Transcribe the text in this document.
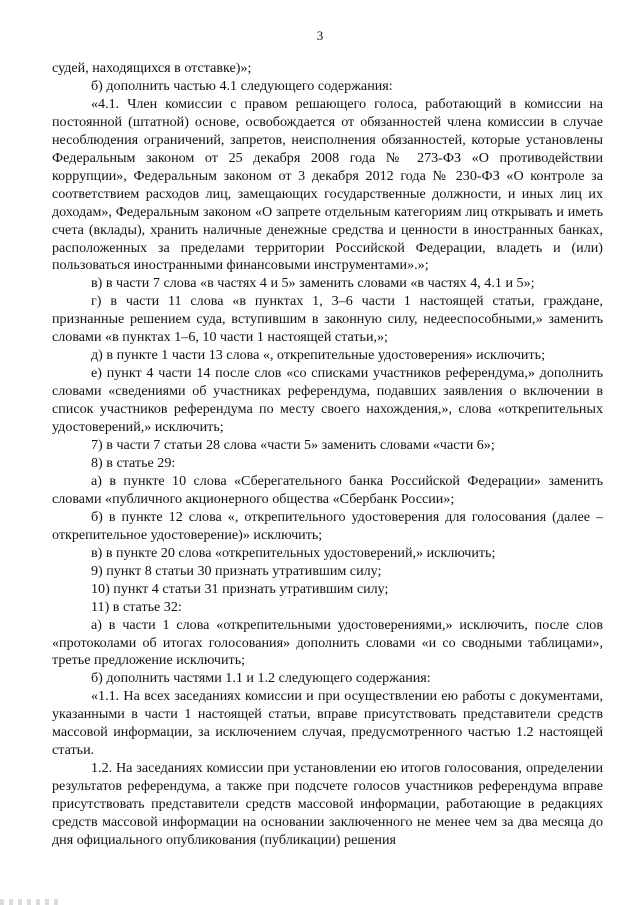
3

судей, находящихся в отставке)»;

б) дополнить частью 4.1 следующего содержания:

«4.1. Член комиссии с правом решающего голоса, работающий в комиссии на постоянной (штатной) основе, освобождается от обязанностей члена комиссии в случае несоблюдения ограничений, запретов, неисполнения обязанностей, которые установлены Федеральным законом от 25 декабря 2008 года № 273-ФЗ «О противодействии коррупции», Федеральным законом от 3 декабря 2012 года № 230-ФЗ «О контроле за соответствием расходов лиц, замещающих государственные должности, и иных лиц их доходам», Федеральным законом «О запрете отдельным категориям лиц открывать и иметь счета (вклады), хранить наличные денежные средства и ценности в иностранных банках, расположенных за пределами территории Российской Федерации, владеть и (или) пользоваться иностранными финансовыми инструментами».»;

в) в части 7 слова «в частях 4 и 5» заменить словами «в частях 4, 4.1 и 5»;

г) в части 11 слова «в пунктах 1, 3–6 части 1 настоящей статьи, граждане, признанные решением суда, вступившим в законную силу, недееспособными,» заменить словами «в пунктах 1–6, 10 части 1 настоящей статьи,»;

д) в пункте 1 части 13 слова «, открепительные удостоверения» исключить;

е) пункт 4 части 14 после слов «со списками участников референдума,» дополнить словами «сведениями об участниках референдума, подавших заявления о включении в список участников референдума по месту своего нахождения,», слова «открепительных удостоверений,» исключить;

7) в части 7 статьи 28 слова «части 5» заменить словами «части 6»;

8) в статье 29:

а) в пункте 10 слова «Сберегательного банка Российской Федерации» заменить словами «публичного акционерного общества «Сбербанк России»;

б) в пункте 12 слова «, открепительного удостоверения для голосования (далее – открепительное удостоверение)» исключить;

в) в пункте 20 слова «открепительных удостоверений,» исключить;

9) пункт 8 статьи 30 признать утратившим силу;

10) пункт 4 статьи 31 признать утратившим силу;

11) в статье 32:

а) в части 1 слова «открепительными удостоверениями,» исключить, после слов «протоколами об итогах голосования» дополнить словами «и со сводными таблицами», третье предложение исключить;

б) дополнить частями 1.1 и 1.2 следующего содержания:

«1.1. На всех заседаниях комиссии и при осуществлении ею работы с документами, указанными в части 1 настоящей статьи, вправе присутствовать представители средств массовой информации, за исключением случая, предусмотренного частью 1.2 настоящей статьи.

1.2. На заседаниях комиссии при установлении ею итогов голосования, определении результатов референдума, а также при подсчете голосов участников референдума вправе присутствовать представители средств массовой информации, работающие в редакциях средств массовой информации на основании заключенного не менее чем за два месяца до дня официального опубликования (публикации) решения
